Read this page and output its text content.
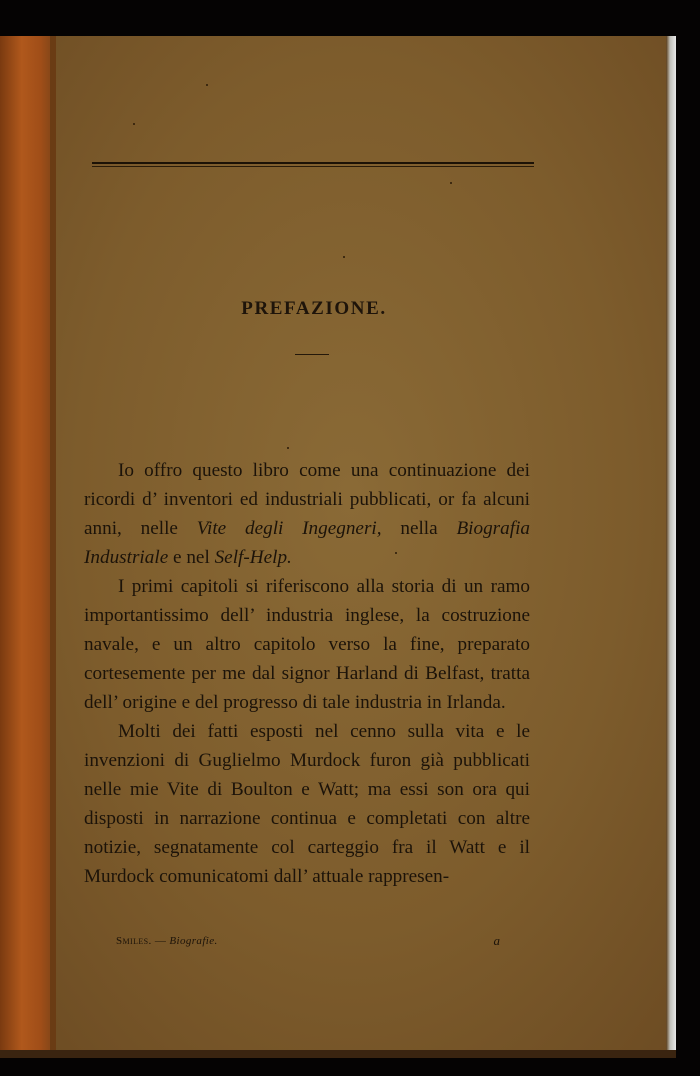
PREFAZIONE.

Io offro questo libro come una continuazione dei ricordi d’ inventori ed industriali pubblicati, or fa alcuni anni, nelle Vite degli Ingegneri, nella Biografia Industriale e nel Self-Help.

I primi capitoli si riferiscono alla storia di un ramo importantissimo dell’ industria inglese, la costruzione navale, e un altro capitolo verso la fine, preparato cortesemente per me dal signor Harland di Belfast, tratta dell’ origine e del progresso di tale industria in Irlanda.

Molti dei fatti esposti nel cenno sulla vita e le invenzioni di Guglielmo Murdock furon già pubblicati nelle mie Vite di Boulton e Watt; ma essi son ora qui disposti in narrazione continua e completati con altre notizie, segnatamente col carteggio fra il Watt e il Murdock comunicatomi dall’ attuale rappresen-

Smiles. — Biografie.	a
